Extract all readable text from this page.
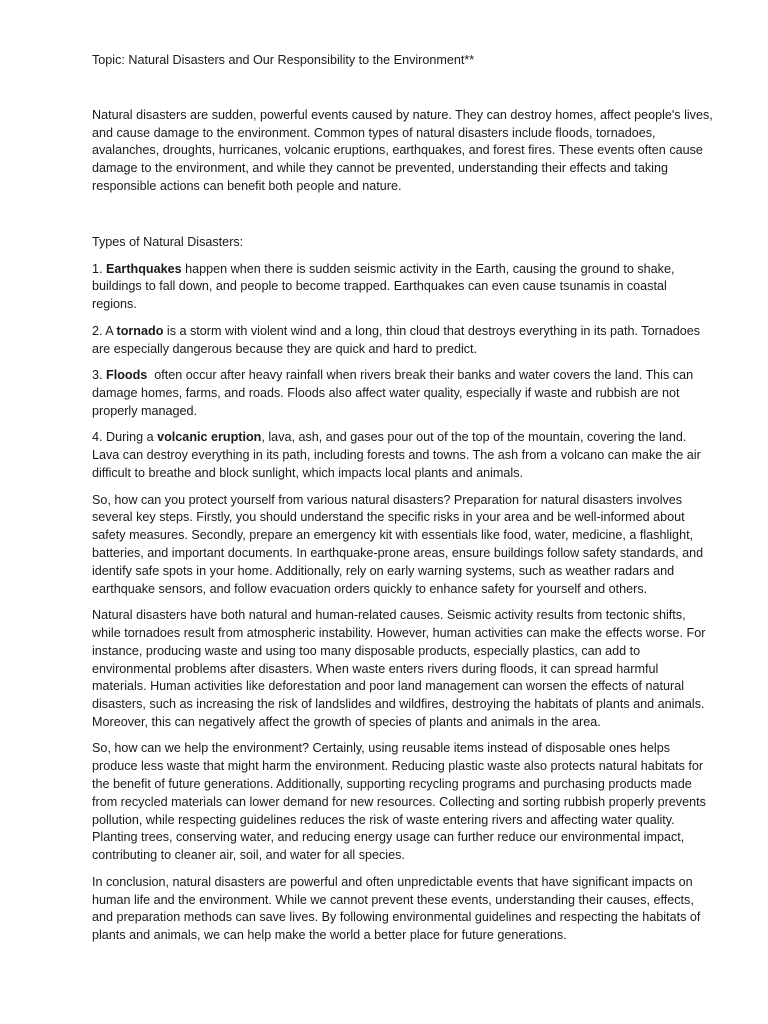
Topic: Natural Disasters and Our Responsibility to the Environment**

Natural disasters are sudden, powerful events caused by nature. They can destroy homes, affect people's lives, and cause damage to the environment. Common types of natural disasters include floods, tornadoes, avalanches, droughts, hurricanes, volcanic eruptions, earthquakes, and forest fires. These events often cause damage to the environment, and while they cannot be prevented, understanding their effects and taking responsible actions can benefit both people and nature.

Types of Natural Disasters:

1. Earthquakes happen when there is sudden seismic activity in the Earth, causing the ground to shake, buildings to fall down, and people to become trapped. Earthquakes can even cause tsunamis in coastal regions.

2. A tornado is a storm with violent wind and a long, thin cloud that destroys everything in its path. Tornadoes are especially dangerous because they are quick and hard to predict.

3. Floods  often occur after heavy rainfall when rivers break their banks and water covers the land. This can damage homes, farms, and roads. Floods also affect water quality, especially if waste and rubbish are not properly managed.

4. During a volcanic eruption, lava, ash, and gases pour out of the top of the mountain, covering the land. Lava can destroy everything in its path, including forests and towns. The ash from a volcano can make the air difficult to breathe and block sunlight, which impacts local plants and animals.

So, how can you protect yourself from various natural disasters? Preparation for natural disasters involves several key steps. Firstly, you should understand the specific risks in your area and be well-informed about safety measures. Secondly, prepare an emergency kit with essentials like food, water, medicine, a flashlight, batteries, and important documents. In earthquake-prone areas, ensure buildings follow safety standards, and identify safe spots in your home. Additionally, rely on early warning systems, such as weather radars and earthquake sensors, and follow evacuation orders quickly to enhance safety for yourself and others.

Natural disasters have both natural and human-related causes. Seismic activity results from tectonic shifts, while tornadoes result from atmospheric instability. However, human activities can make the effects worse. For instance, producing waste and using too many disposable products, especially plastics, can add to environmental problems after disasters. When waste enters rivers during floods, it can spread harmful materials. Human activities like deforestation and poor land management can worsen the effects of natural disasters, such as increasing the risk of landslides and wildfires, destroying the habitats of plants and animals. Moreover, this can negatively affect the growth of species of plants and animals in the area.

So, how can we help the environment? Certainly, using reusable items instead of disposable ones helps produce less waste that might harm the environment. Reducing plastic waste also protects natural habitats for the benefit of future generations. Additionally, supporting recycling programs and purchasing products made from recycled materials can lower demand for new resources. Collecting and sorting rubbish properly prevents pollution, while respecting guidelines reduces the risk of waste entering rivers and affecting water quality. Planting trees, conserving water, and reducing energy usage can further reduce our environmental impact, contributing to cleaner air, soil, and water for all species.

In conclusion, natural disasters are powerful and often unpredictable events that have significant impacts on human life and the environment. While we cannot prevent these events, understanding their causes, effects, and preparation methods can save lives. By following environmental guidelines and respecting the habitats of plants and animals, we can help make the world a better place for future generations.
